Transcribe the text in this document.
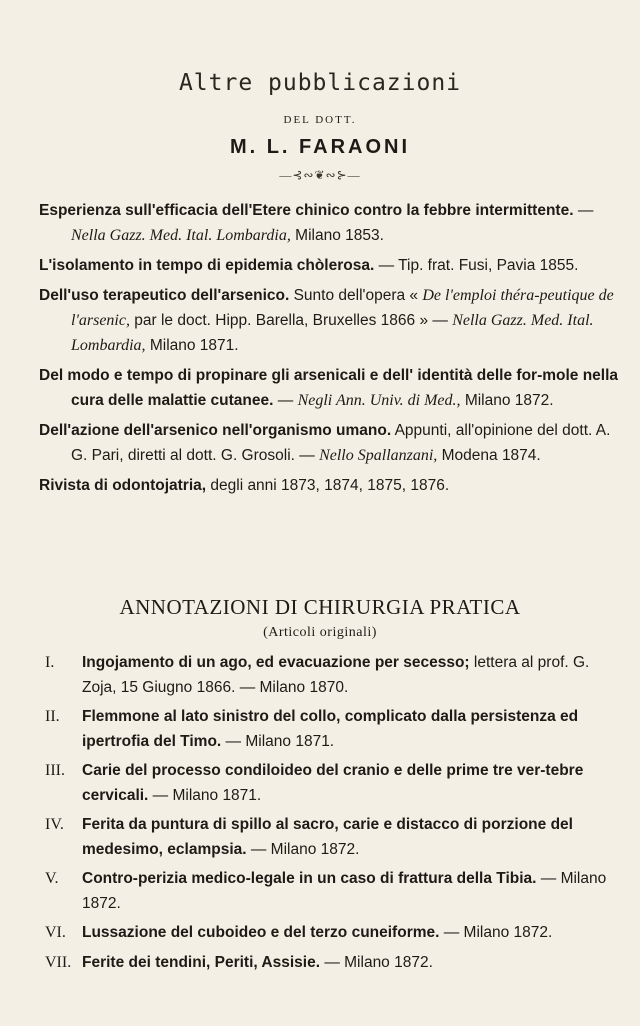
Altre pubblicazioni
DEL DOTT.
M. L. FARAONI
—⊰∾❦∾⊱—
Esperienza sull'efficacia dell'Etere chinico contro la febbre intermittente. — Nella Gazz. Med. Ital. Lombardia, Milano 1853.
L'isolamento in tempo di epidemia chòlerosa. — Tip. frat. Fusi, Pavia 1855.
Dell'uso terapeutico dell'arsenico. Sunto dell'opera « De l'emploi théra-peutique de l'arsenic, par le doct. Hipp. Barella, Bruxelles 1866 » — Nella Gazz. Med. Ital. Lombardia, Milano 1871.
Del modo e tempo di propinare gli arsenicali e dell' identità delle for-mole nella cura delle malattie cutanee. — Negli Ann. Univ. di Med., Milano 1872.
Dell'azione dell'arsenico nell'organismo umano. Appunti, all'opinione del dott. A. G. Pari, diretti al dott. G. Grosoli. — Nello Spallanzani, Modena 1874.
Rivista di odontojatria, degli anni 1873, 1874, 1875, 1876.
ANNOTAZIONI DI CHIRURGIA PRATICA
(Articoli originali)
I.	Ingojamento di un ago, ed evacuazione per secesso; lettera al prof. G. Zoja, 15 Giugno 1866. — Milano 1870.
II.	Flemmone al lato sinistro del collo, complicato dalla persistenza ed ipertrofia del Timo. — Milano 1871.
III.	Carie del processo condiloideo del cranio e delle prime tre ver-tebre cervicali. — Milano 1871.
IV.	Ferita da puntura di spillo al sacro, carie e distacco di porzione del medesimo, eclampsia. — Milano 1872.
V.	Contro-perizia medico-legale in un caso di frattura della Tibia. — Milano 1872.
VI.	Lussazione del cuboideo e del terzo cuneiforme. — Milano 1872.
VII. Ferite dei tendini, Periti, Assisie. — Milano 1872.
